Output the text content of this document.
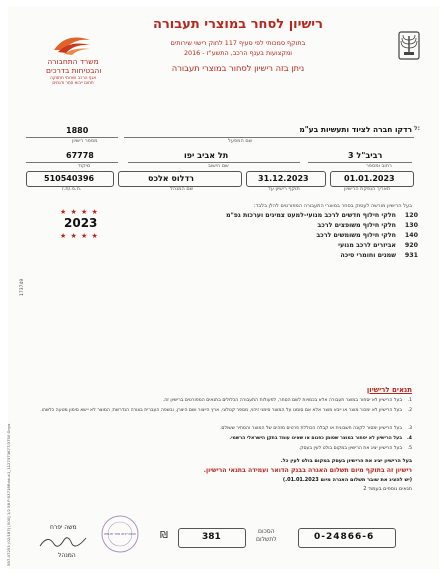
משרד התחבורה
והבטיחות בדרכים
אגף הרכב ושרותי תחזוקה
תחום ייבוא סחר ודגמים
רישיון לסחר במוצרי תעבורה
בתוקף סמכותי לפי סעיף 117 לחוק רישוי שירותים
ומקצועות בענף הרכב, התשע"ז - 2016
ניתן בזה רישיון לסחור במוצרי תעבורה
ל:
רדקו חברה לציוד ותעשיות בע"מ
שם המפעל
1880
מספר רישיון
רביב"ל 3
רחוב ומספר
תל אביב יפו
שם הישוב
67778
מיקוד
01.01.2023
תאריך הנפקת הרישיון
31.12.2023
תוקף רישיון עד
רדלוס אלכס
שם המנהל
510540396
ח.פ./ת.ז.
בעל הרישיון מורשה לעסוק בסחר במוצרי התעבורה המפורטים להלן בלבד:
120
חלקי חילוף חדשים לרכב מנועי-למעט צמיגים וערכות גפ"מ
130
חלקי חילוף משופצים לרכב
140
חלקי חילוף משומשים לרכב
920
אביזרים לרכב מנועי
931
שמנים וחומרי סיכה
★ ★ ★ ★
2023
★ ★ ★ ★
173749
תנאים לרישיון
1.
בעל הרישיון לא יסחור במוצר תעבורה אלא בכמויות לשם הסחר, לפעולות התעבורה הכלולים בתנאים המפורטים ברישיון זה.
2.
בעל הרישיון לא ימכור מוצר או ייבא מוצר אלא אם סומנו על המוצר סימני זיהוי, מספר קטלוגי, ארץ הייצור ושם היצרן, ובשפה העברית בצורה הנדרשת; המוצר לא יישא סימון מטעה כלשהו.
3.
בעל הרישיון ימסור לקונה חשבונית או קבלה הכוללת פרטים מזהים של המוצר והמחיר ששולם.
4.
בעל הרישיון לא יסחור במוצר שסומן כפגום או שאינו עומד בתקן הישראלי הרשמי.
5.
בעל הרישיון יציג את הרישיון במקום בולט לעין בעסק.
בעל הרישיון יציג את הרישיון בעסק במקום בולט לעין כל.
רישיון זה בתוקף מיום תשלום האגרה בבנק הדואר ועמידה בתנאי הרישיון.
(יש להציג את שובר תשלום האגרה מיום 01.01.2023.)
תנאים נוספים בעמוד 2
0-24866-6
הסכום
לתשלום
381
₪
תחום ייבוא סחר ודגמים
משה יפרח
המנהל
597-07253 (02/187) [000] 1/2 58 P:53718Rdduk1_1127373677/3750 Onyx
